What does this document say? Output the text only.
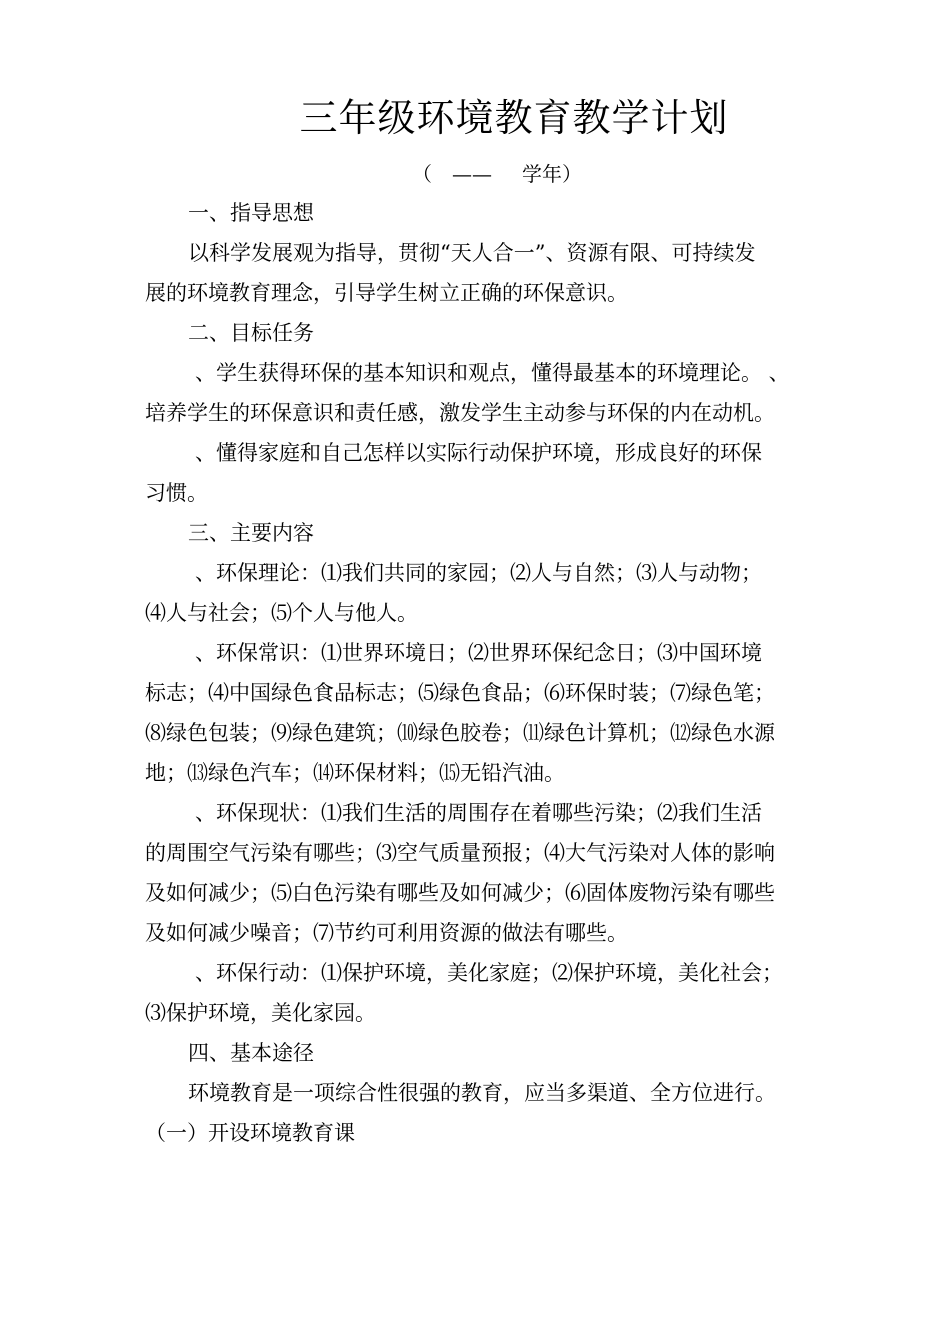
三年级环境教育教学计划

（

——

学年）

一、指导思想

以科学发展观为指导，贯彻“天人合一”、资源有限、可持续发

展的环境教育理念，引导学生树立正确的环保意识。

二、目标任务

、学生获得环保的基本知识和观点，懂得最基本的环境理论。 、

培养学生的环保意识和责任感，激发学生主动参与环保的内在动机。

、懂得家庭和自己怎样以实际行动保护环境，形成良好的环保

习惯。

三、主要内容

、环保理论：⑴我们共同的家园；⑵人与自然；⑶人与动物；

⑷人与社会；⑸个人与他人。

、环保常识：⑴世界环境日；⑵世界环保纪念日；⑶中国环境

标志；⑷中国绿色食品标志；⑸绿色食品；⑹环保时装；⑺绿色笔；

⑻绿色包装；⑼绿色建筑；⑽绿色胶卷；⑾绿色计算机；⑿绿色水源

地；⒀绿色汽车；⒁环保材料；⒂无铅汽油。

、环保现状：⑴我们生活的周围存在着哪些污染；⑵我们生活

的周围空气污染有哪些；⑶空气质量预报；⑷大气污染对人体的影响

及如何减少；⑸白色污染有哪些及如何减少；⑹固体废物污染有哪些

及如何减少噪音；⑺节约可利用资源的做法有哪些。

、环保行动：⑴保护环境，美化家庭；⑵保护环境，美化社会；

⑶保护环境，美化家园。

四、基本途径

环境教育是一项综合性很强的教育，应当多渠道、全方位进行。

（一）开设环境教育课
